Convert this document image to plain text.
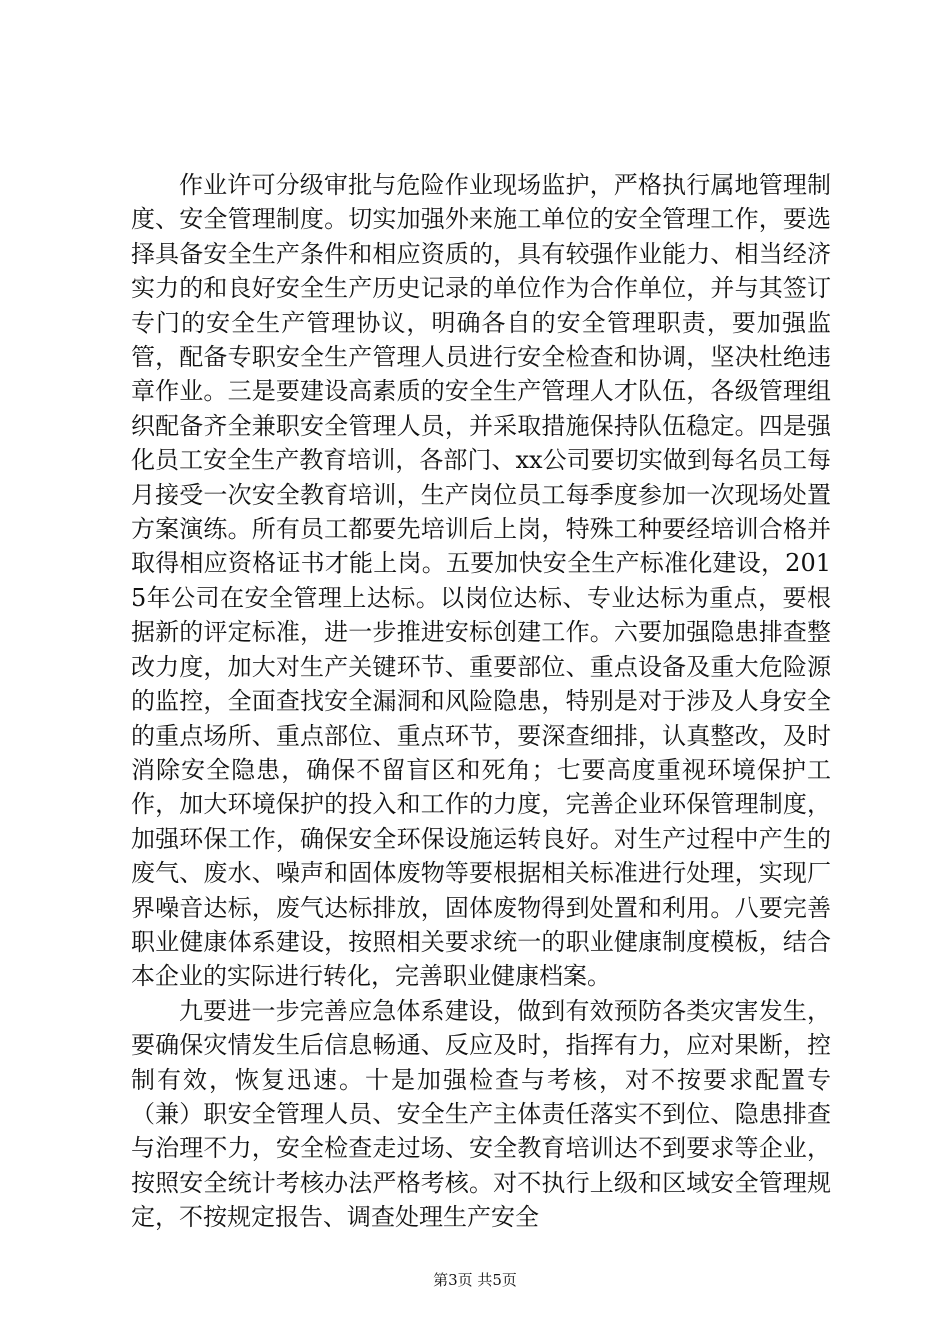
作业许可分级审批与危险作业现场监护，严格执行属地管理制度、安全管理制度。切实加强外来施工单位的安全管理工作，要选择具备安全生产条件和相应资质的，具有较强作业能力、相当经济实力的和良好安全生产历史记录的单位作为合作单位，并与其签订专门的安全生产管理协议，明确各自的安全管理职责，要加强监管，配备专职安全生产管理人员进行安全检查和协调，坚决杜绝违章作业。三是要建设高素质的安全生产管理人才队伍，各级管理组织配备齐全兼职安全管理人员，并采取措施保持队伍稳定。四是强化员工安全生产教育培训，各部门、xx公司要切实做到每名员工每月接受一次安全教育培训，生产岗位员工每季度参加一次现场处置方案演练。所有员工都要先培训后上岗，特殊工种要经培训合格并取得相应资格证书才能上岗。五要加快安全生产标准化建设，2015年公司在安全管理上达标。以岗位达标、专业达标为重点，要根据新的评定标准，进一步推进安标创建工作。六要加强隐患排查整改力度，加大对生产关键环节、重要部位、重点设备及重大危险源的监控，全面查找安全漏洞和风险隐患，特别是对于涉及人身安全的重点场所、重点部位、重点环节，要深查细排，认真整改，及时消除安全隐患，确保不留盲区和死角；七要高度重视环境保护工作，加大环境保护的投入和工作的力度，完善企业环保管理制度，加强环保工作，确保安全环保设施运转良好。对生产过程中产生的废气、废水、噪声和固体废物等要根据相关标准进行处理，实现厂界噪音达标，废气达标排放，固体废物得到处置和利用。八要完善职业健康体系建设，按照相关要求统一的职业健康制度模板，结合本企业的实际进行转化，完善职业健康档案。

九要进一步完善应急体系建设，做到有效预防各类灾害发生，要确保灾情发生后信息畅通、反应及时，指挥有力，应对果断，控制有效，恢复迅速。十是加强检查与考核，对不按要求配置专（兼）职安全管理人员、安全生产主体责任落实不到位、隐患排查与治理不力，安全检查走过场、安全教育培训达不到要求等企业，按照安全统计考核办法严格考核。对不执行上级和区域安全管理规定，不按规定报告、调查处理生产安全

第3页 共5页
